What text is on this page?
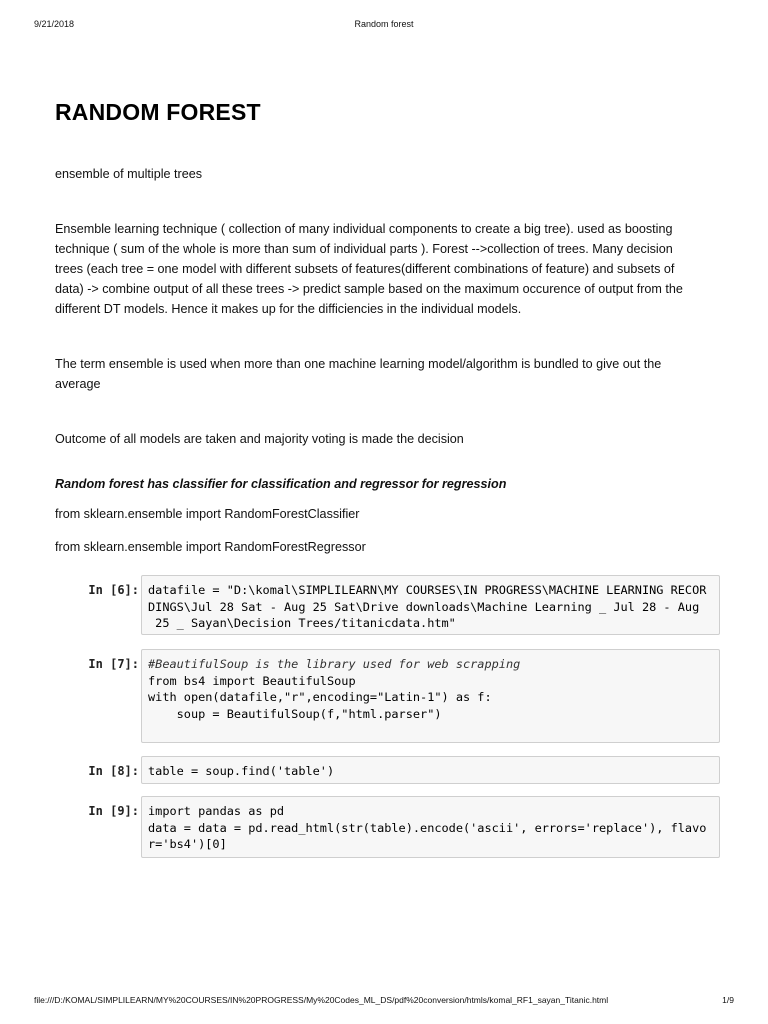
9/21/2018	Random forest
RANDOM FOREST

ensemble of multiple trees

Ensemble learning technique ( collection of many individual components to create a big tree). used as boosting
technique ( sum of the whole is more than sum of individual parts ). Forest -->collection of trees. Many decision
trees (each tree = one model with different subsets of features(different combinations of feature) and subsets of
data) -> combine output of all these trees -> predict sample based on the maximum occurence of output from the
different DT models. Hence it makes up for the difficiencies in the individual models.
The term ensemble is used when more than one machine learning model/algorithm is bundled to give out the
average

Outcome of all models are taken and majority voting is made the decision

Random forest has classifier for classification and regressor for regression

from sklearn.ensemble import RandomForestClassifier

from sklearn.ensemble import RandomForestRegressor

In [6]: datafile = "D:\komal\SIMPLILEARN\MY COURSES\IN PROGRESS\MACHINE LEARNING RECOR
DINGS\Jul 28 Sat - Aug 25 Sat\Drive downloads\Machine Learning _ Jul 28 - Aug
25 _ Sayan\Decision Trees/titanicdata.htm"
In [7]: #BeautifulSoup is the library used for web scrapping
from bs4 import BeautifulSoup
with open(datafile,"r",encoding="Latin-1") as f:
soup = BeautifulSoup(f,"html.parser")
In [8]: table = soup.find('table')
In [9]: import pandas as pd
data = data = pd.read_html(str(table).encode('ascii', errors='replace'), flavo
r='bs4')[0]
file:///D:/KOMAL/SIMPLILEARN/MY%20COURSES/IN%20PROGRESS/My%20Codes_ML_DS/pdf%20conversion/htmls/komal_RF1_sayan_Titanic.html	1/9
